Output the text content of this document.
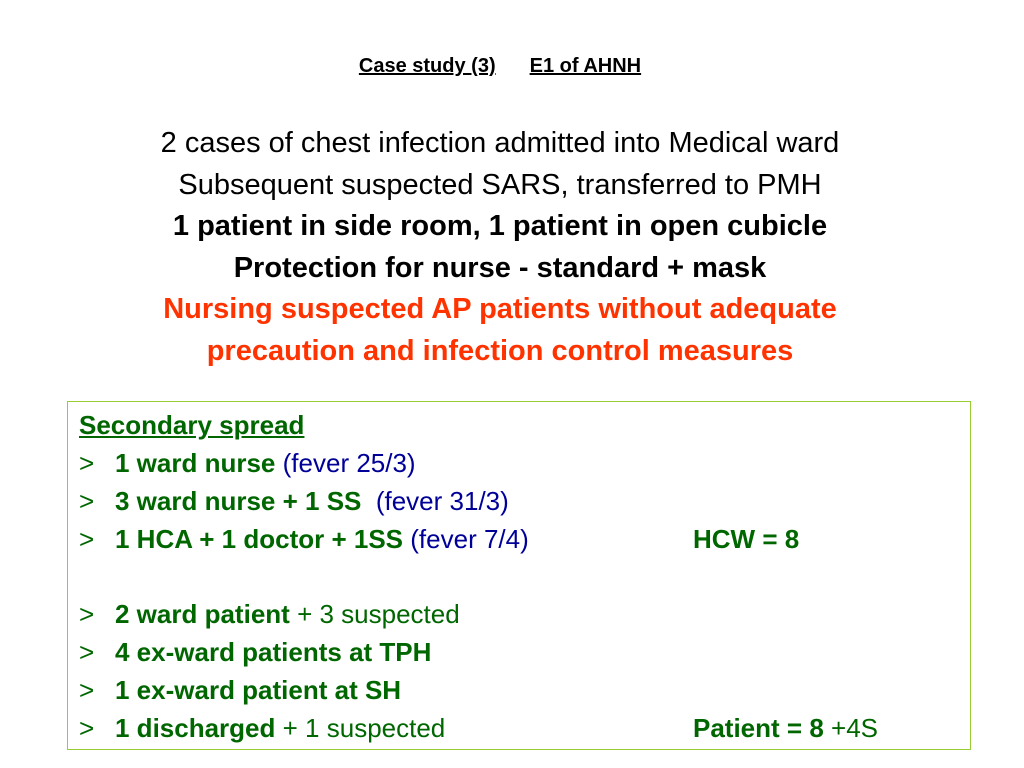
Case study (3) E1 of AHNH
2 cases of chest infection admitted into Medical ward
Subsequent suspected SARS, transferred to PMH
1 patient in side room, 1 patient in open cubicle
Protection for nurse - standard + mask
Nursing suspected AP patients without adequate
precaution and infection control measures
Secondary spread
> 1 ward nurse (fever 25/3)
> 3 ward nurse + 1 SS (fever 31/3)
> 1 HCA + 1 doctor + 1SS (fever 7/4)	HCW = 8
> 2 ward patient + 3 suspected
> 4 ex-ward patients at TPH
> 1 ex-ward patient at SH
> 1 discharged + 1 suspected	Patient = 8 +4S
